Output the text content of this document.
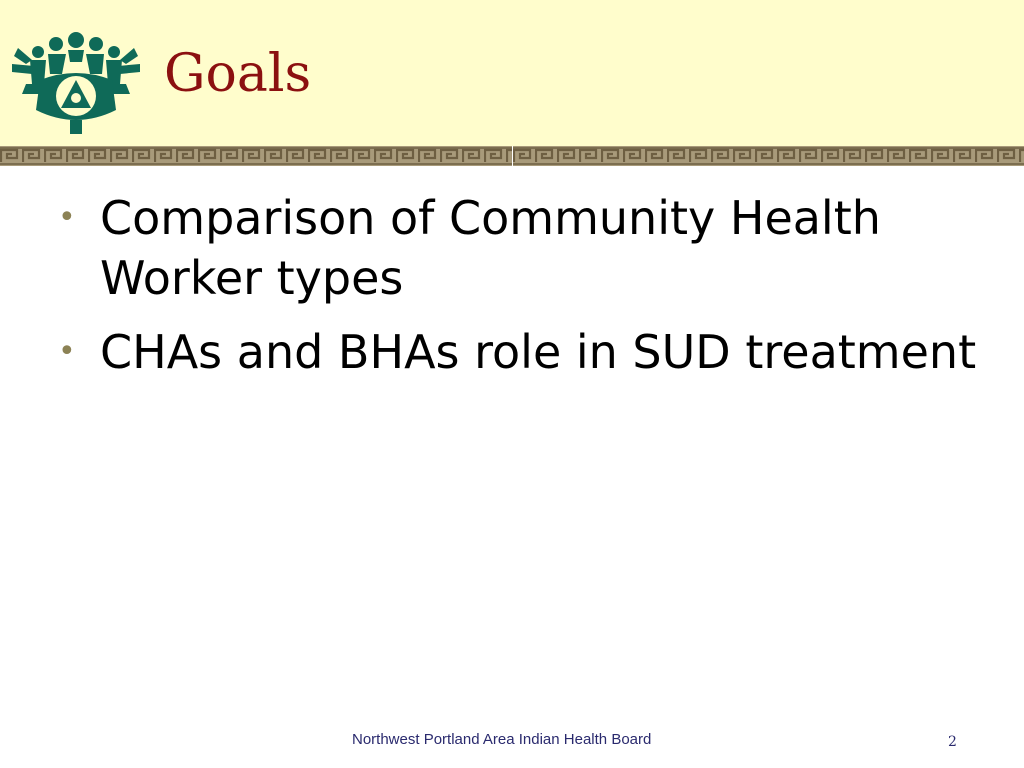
Goals
• Comparison of Community Health Worker types
• CHAs and BHAs role in SUD treatment
Northwest Portland Area Indian Health Board	2
